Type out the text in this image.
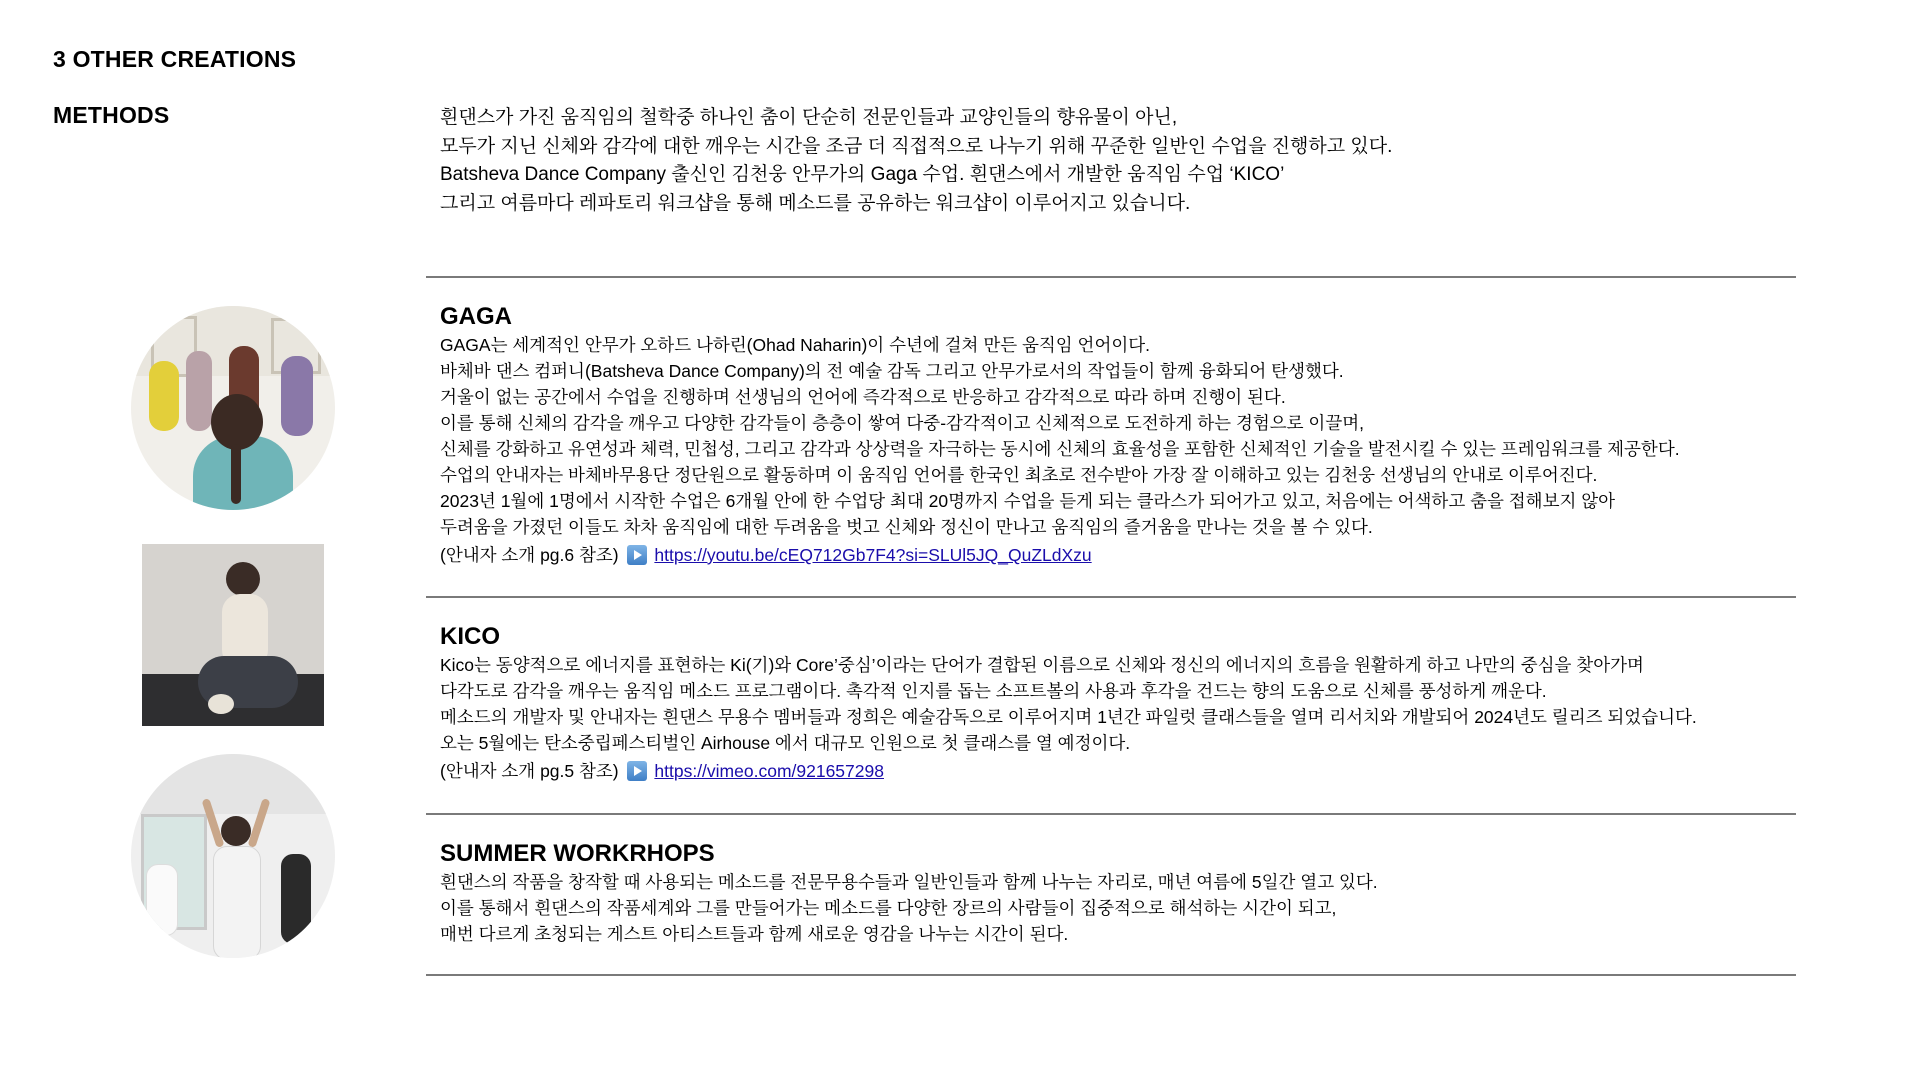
3 OTHER CREATIONS
METHODS	흰댄스가 가진 움직임의 철학중 하나인 춤이 단순히 전문인들과 교양인들의 향유물이 아닌,

모두가 지닌 신체와 감각에 대한 깨우는 시간을 조금 더 직접적으로 나누기 위해 꾸준한 일반인 수업을 진행하고 있다.

Batsheva Dance Company 출신인 김천웅 안무가의 Gaga 수업. 흰댄스에서 개발한 움직임 수업 ‘KICO’

그리고 여름마다 레파토리 워크샵을 통해 메소드를 공유하는 워크샵이 이루어지고 있습니다.

GAGA

GAGA는 세계적인 안무가 오하드 나하린(Ohad Naharin)이 수년에 걸쳐 만든 움직임 언어이다.

바체바 댄스 컴퍼니(Batsheva Dance Company)의 전 예술 감독 그리고 안무가로서의 작업들이 함께 융화되어 탄생했다.

거울이 없는 공간에서 수업을 진행하며 선생님의 언어에 즉각적으로 반응하고 감각적으로 따라 하며 진행이 된다.

이를 통해 신체의 감각을 깨우고 다양한 감각들이 층층이 쌓여 다중-감각적이고 신체적으로 도전하게 하는 경험으로 이끌며,

신체를 강화하고 유연성과 체력, 민첩성, 그리고 감각과 상상력을 자극하는 동시에 신체의 효율성을 포함한 신체적인 기술을 발전시킬 수 있는 프레임워크를 제공한다.

수업의 안내자는 바체바무용단 정단원으로 활동하며 이 움직임 언어를 한국인 최초로 전수받아 가장 잘 이해하고 있는 김천웅 선생님의 안내로 이루어진다.

2023년 1월에 1명에서 시작한 수업은 6개월 안에 한 수업당 최대 20명까지 수업을 듣게 되는 클라스가 되어가고 있고, 처음에는 어색하고 춤을 접해보지 않아

두려움을 가졌던 이들도 차차 움직임에 대한 두려움을 벗고 신체와 정신이 만나고 움직임의 즐거움을 만나는 것을 볼 수 있다.

(안내자 소개 pg.6 참조) https://youtu.be/cEQ712Gb7F4?si=SLUl5JQ_QuZLdXzu

KICO

Kico는 동양적으로 에너지를 표현하는 Ki(기)와 Core’중심’이라는 단어가 결합된 이름으로 신체와 정신의 에너지의 흐름을 원활하게 하고 나만의 중심을 찾아가며

다각도로 감각을 깨우는 움직임 메소드 프로그램이다. 촉각적 인지를 돕는 소프트볼의 사용과 후각을 건드는 향의 도움으로 신체를 풍성하게 깨운다.

메소드의 개발자 및 안내자는 흰댄스 무용수 멤버들과 정희은 예술감독으로 이루어지며 1년간 파일럿 클래스들을 열며 리서치와 개발되어 2024년도 릴리즈 되었습니다.

오는 5월에는 탄소중립페스티벌인 Airhouse 에서 대규모 인원으로 첫 클래스를 열 예정이다.

(안내자 소개 pg.5 참조) https://vimeo.com/921657298

SUMMER WORKRHOPS

흰댄스의 작품을 창작할 때 사용되는 메소드를 전문무용수들과 일반인들과 함께 나누는 자리로, 매년 여름에 5일간 열고 있다.

이를 통해서 흰댄스의 작품세계와 그를 만들어가는 메소드를 다양한 장르의 사람들이 집중적으로 해석하는 시간이 되고,

매번 다르게 초청되는 게스트 아티스트들과 함께 새로운 영감을 나누는 시간이 된다.
